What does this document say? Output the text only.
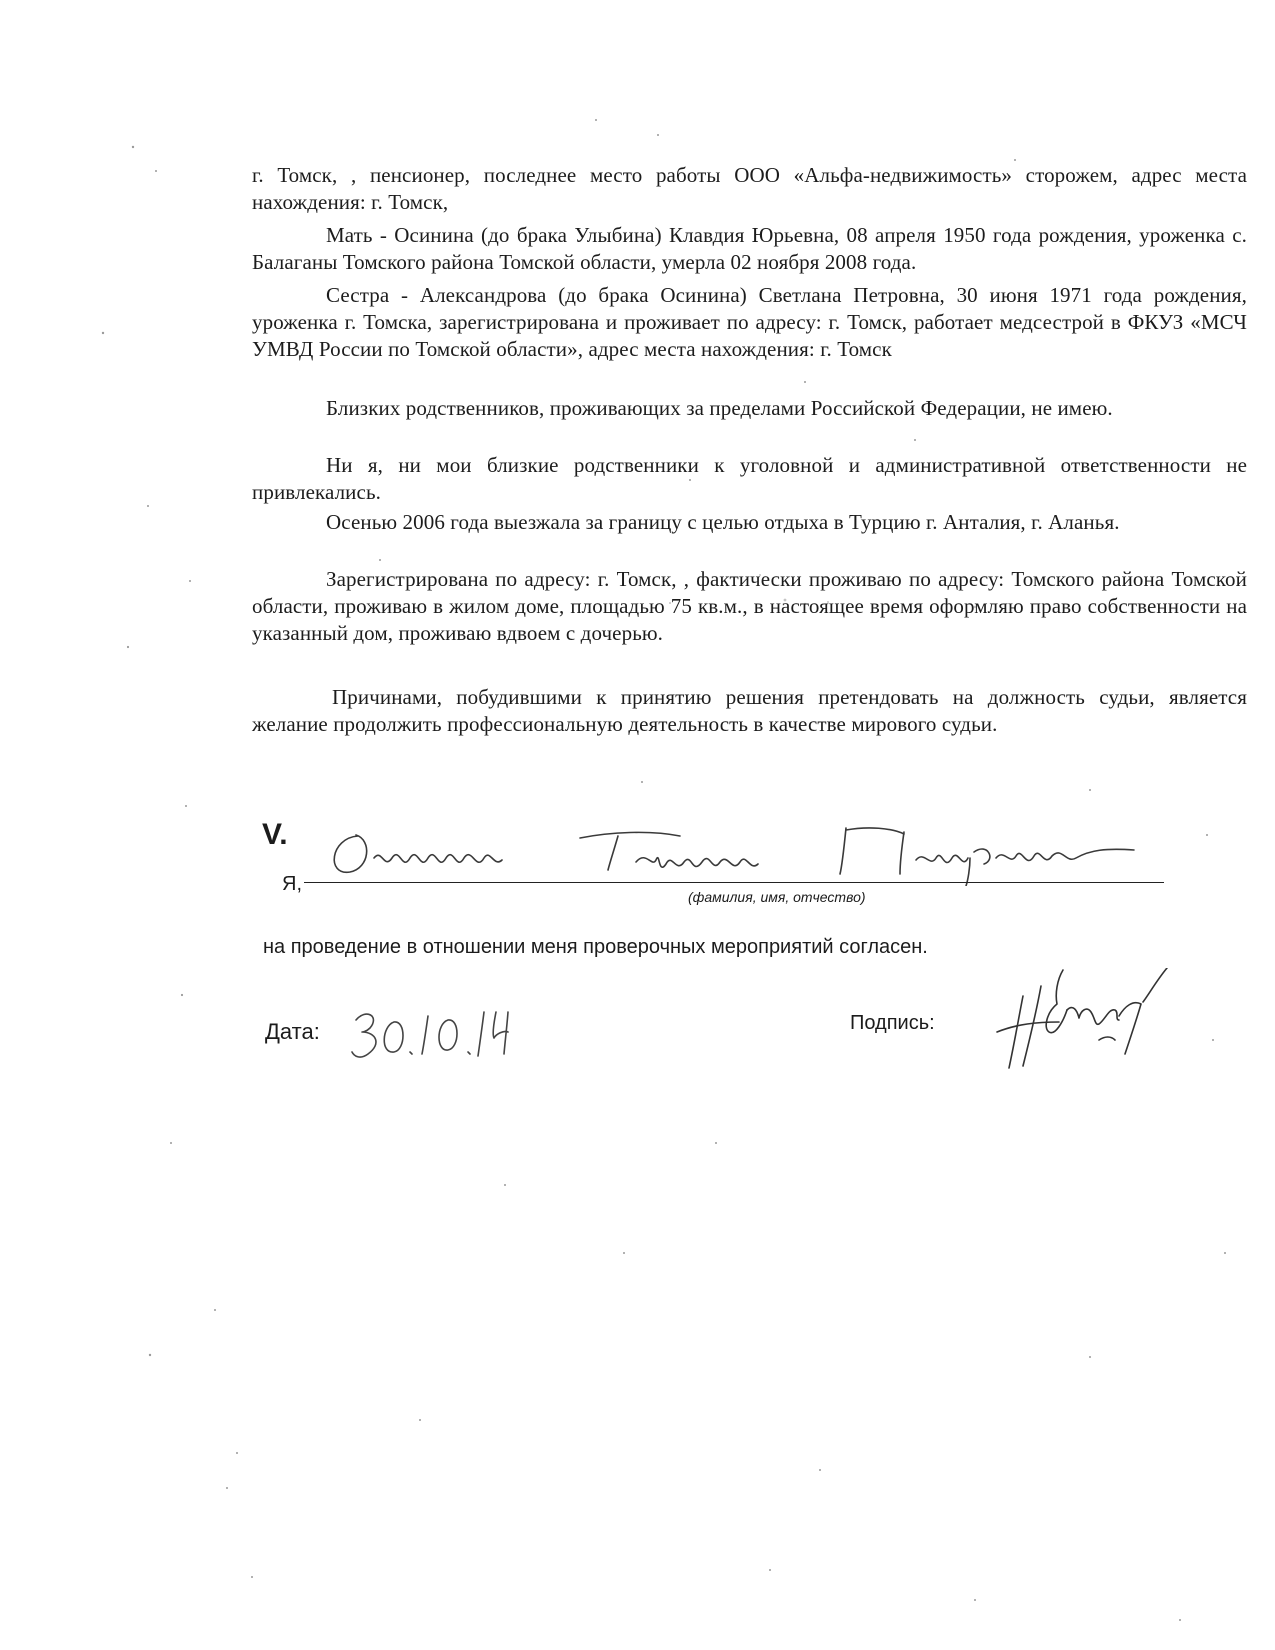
г. Томск, , пенсионер, последнее место работы ООО «Альфа-недвижимость» сторожем, адрес места нахождения: г. Томск,
Мать - Осинина (до брака Улыбина) Клавдия Юрьевна, 08 апреля 1950 года рождения, уроженка с. Балаганы Томского района Томской области, умерла 02 ноября 2008 года.
Сестра - Александрова (до брака Осинина) Светлана Петровна, 30 июня 1971 года рождения, уроженка г. Томска, зарегистрирована и проживает по адресу: г. Томск, работает медсестрой в ФКУЗ «МСЧ УМВД России по Томской области», адрес места нахождения: г. Томск
Близких родственников, проживающих за пределами Российской Федерации, не имею.
Ни я, ни мои близкие родственники к уголовной и административной ответственности не привлекались.
Осенью 2006 года выезжала за границу с целью отдыха в Турцию г. Анталия, г. Аланья.
Зарегистрирована по адресу: г. Томск, , фактически проживаю по адресу: Томского района Томской области, проживаю в жилом доме, площадью 75 кв.м., в настоящее время оформляю право собственности на указанный дом, проживаю вдвоем с дочерью.
Причинами, побудившими к принятию решения претендовать на должность судьи, является желание продолжить профессиональную деятельность в качестве мирового судьи.
V.
Я,
(фамилия, имя, отчество)
на проведение в отношении меня проверочных мероприятий согласен.
Дата:	Подпись:
